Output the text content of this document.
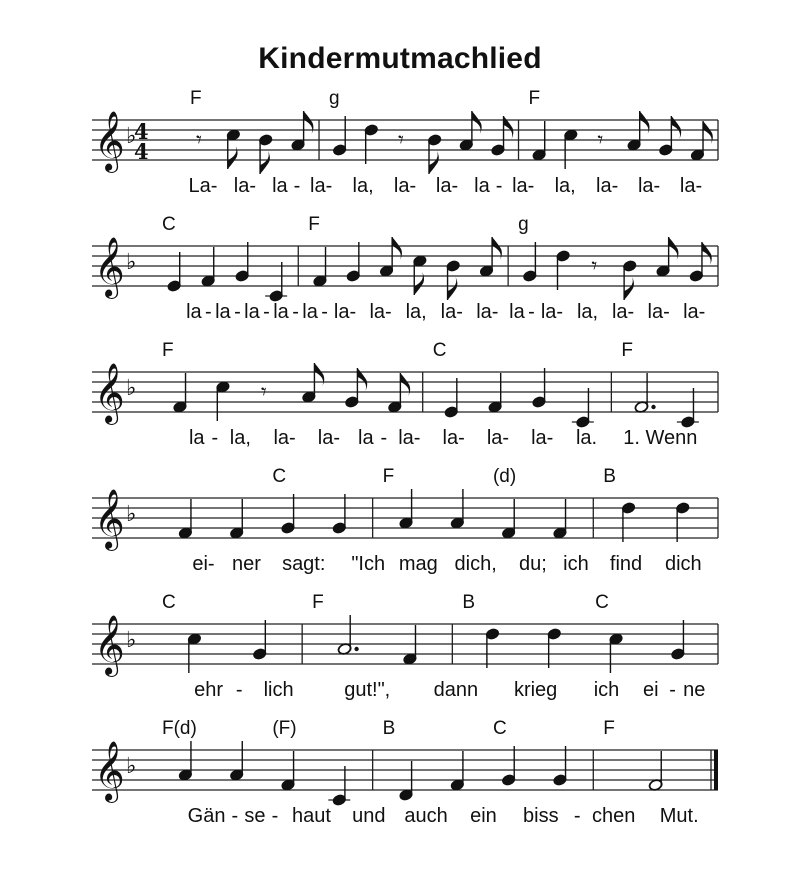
Kindermutmachlied
𝄞 ♭
4
4 𝄾	𝄾	𝄾
F	g	F
La- la- la - la- la, la- la- la - la- la, la- la- la-
𝄞 ♭	𝄾
C	F	g
la - la - la - la - la - la- la- la, la- la- la - la- la, la- la- la-
𝄞 ♭	𝄾
F	C	F
la - la, la- la- la - la- la- la- la- la. 1. Wenn
𝄞 ♭
C	F	(d)	B
ei- ner sagt: "Ich mag dich, du; ich find dich
𝄞 ♭
C	F	B	C
ehr - lich	gut!", dann krieg ich ei - ne
𝄞 ♭
F(d)	(F)	B	C	F
Gän - se - haut und auch ein biss - chen Mut.
